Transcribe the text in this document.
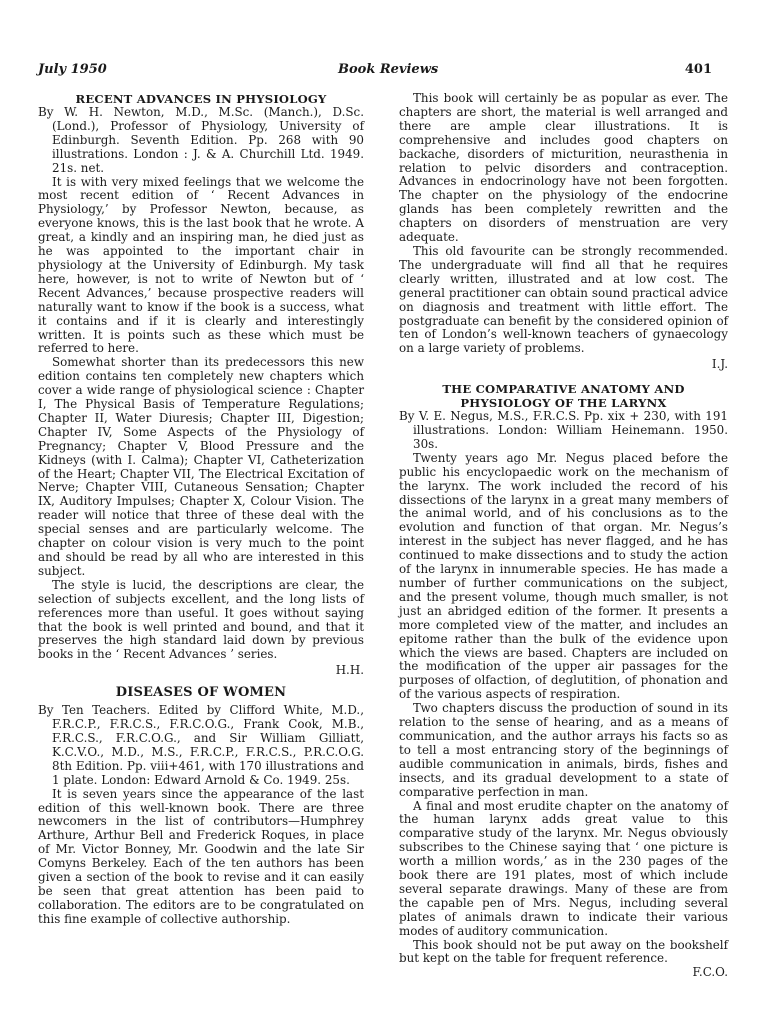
July 1950	Book Reviews	401

RECENT ADVANCES IN PHYSIOLOGY

By W. H. Newton, M.D., M.Sc. (Manch.), D.Sc. (Lond.), Professor of Physiology, University of Edinburgh. Seventh Edition. Pp. 268 with 90 illustrations. London : J. & A. Churchill Ltd. 1949. 21s. net.

It is with very mixed feelings that we welcome the most recent edition of ‘ Recent Advances in Physiology,’ by Professor Newton, because, as everyone knows, this is the last book that he wrote. A great, a kindly and an inspiring man, he died just as he was appointed to the important chair in physiology at the University of Edinburgh. My task here, however, is not to write of Newton but of ‘ Recent Advances,’ because prospective readers will naturally want to know if the book is a success, what it contains and if it is clearly and interestingly written. It is points such as these which must be referred to here.

Somewhat shorter than its predecessors this new edition contains ten completely new chapters which cover a wide range of physiological science : Chapter I, The Physical Basis of Temperature Regulations; Chapter II, Water Diuresis; Chapter III, Digestion; Chapter IV, Some Aspects of the Physiology of Pregnancy; Chapter V, Blood Pressure and the Kidneys (with I. Calma); Chapter VI, Catheterization of the Heart; Chapter VII, The Electrical Excitation of Nerve; Chapter VIII, Cutaneous Sensation; Chapter IX, Auditory Impulses; Chapter X, Colour Vision. The reader will notice that three of these deal with the special senses and are particularly welcome. The chapter on colour vision is very much to the point and should be read by all who are interested in this subject.

The style is lucid, the descriptions are clear, the selection of subjects excellent, and the long lists of references more than useful. It goes without saying that the book is well printed and bound, and that it preserves the high standard laid down by previous books in the ‘ Recent Advances ’ series.

H.H.

DISEASES OF WOMEN

By Ten Teachers. Edited by Clifford White, M.D., F.R.C.P., F.R.C.S., F.R.C.O.G., Frank Cook, M.B., F.R.C.S., F.R.C.O.G., and Sir William Gilliatt, K.C.V.O., M.D., M.S., F.R.C.P., F.R.C.S., P.R.C.O.G. 8th Edition. Pp. viii+461, with 170 illustrations and 1 plate. London: Edward Arnold & Co. 1949. 25s.

It is seven years since the appearance of the last edition of this well-known book. There are three newcomers in the list of contributors—Humphrey Arthure, Arthur Bell and Frederick Roques, in place of Mr. Victor Bonney, Mr. Goodwin and the late Sir Comyns Berkeley. Each of the ten authors has been given a section of the book to revise and it can easily be seen that great attention has been paid to collaboration. The editors are to be congratulated on this fine example of collective authorship.

This book will certainly be as popular as ever. The chapters are short, the material is well arranged and there are ample clear illustrations. It is comprehensive and includes good chapters on backache, disorders of micturition, neurasthenia in relation to pelvic disorders and contraception. Advances in endocrinology have not been forgotten. The chapter on the physiology of the endocrine glands has been completely rewritten and the chapters on disorders of menstruation are very adequate.

This old favourite can be strongly recommended. The undergraduate will find all that he requires clearly written, illustrated and at low cost. The general practitioner can obtain sound practical advice on diagnosis and treatment with little effort. The postgraduate can benefit by the considered opinion of ten of London’s well-known teachers of gynaecology on a large variety of problems.

I.J.

THE COMPARATIVE ANATOMY AND

PHYSIOLOGY OF THE LARYNX

By V. E. Negus, M.S., F.R.C.S. Pp. xix + 230, with 191 illustrations. London: William Heinemann. 1950. 30s.

Twenty years ago Mr. Negus placed before the public his encyclopaedic work on the mechanism of the larynx. The work included the record of his dissections of the larynx in a great many members of the animal world, and of his conclusions as to the evolution and function of that organ. Mr. Negus’s interest in the subject has never flagged, and he has continued to make dissections and to study the action of the larynx in innumerable species. He has made a number of further communications on the subject, and the present volume, though much smaller, is not just an abridged edition of the former. It presents a more completed view of the matter, and includes an epitome rather than the bulk of the evidence upon which the views are based. Chapters are included on the modification of the upper air passages for the purposes of olfaction, of deglutition, of phonation and of the various aspects of respiration.

Two chapters discuss the production of sound in its relation to the sense of hearing, and as a means of communication, and the author arrays his facts so as to tell a most entrancing story of the beginnings of audible communication in animals, birds, fishes and insects, and its gradual development to a state of comparative perfection in man.

A final and most erudite chapter on the anatomy of the human larynx adds great value to this comparative study of the larynx. Mr. Negus obviously subscribes to the Chinese saying that ‘ one picture is worth a million words,’ as in the 230 pages of the book there are 191 plates, most of which include several separate drawings. Many of these are from the capable pen of Mrs. Negus, including several plates of animals drawn to indicate their various modes of auditory communication.

This book should not be put away on the bookshelf but kept on the table for frequent reference.

F.C.O.
